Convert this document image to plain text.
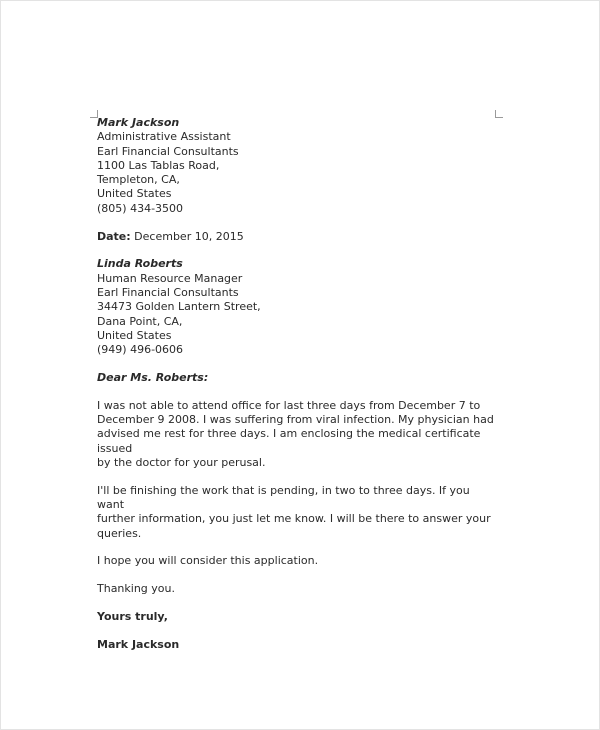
Mark Jackson

Administrative Assistant

Earl Financial Consultants

1100 Las Tablas Road,

Templeton, CA,

United States

(805) 434-3500

Date: December 10, 2015

Linda Roberts

Human Resource Manager

Earl Financial Consultants

34473 Golden Lantern Street,

Dana Point, CA,

United States

(949) 496-0606

Dear Ms. Roberts:

I was not able to attend office for last three days from December 7 to

December 9 2008. I was suffering from viral infection. My physician had

advised me rest for three days. I am enclosing the medical certificate issued

by the doctor for your perusal.

I'll be finishing the work that is pending, in two to three days. If you want

further information, you just let me know. I will be there to answer your

queries.

I hope you will consider this application.

Thanking you.

Yours truly,

Mark Jackson
